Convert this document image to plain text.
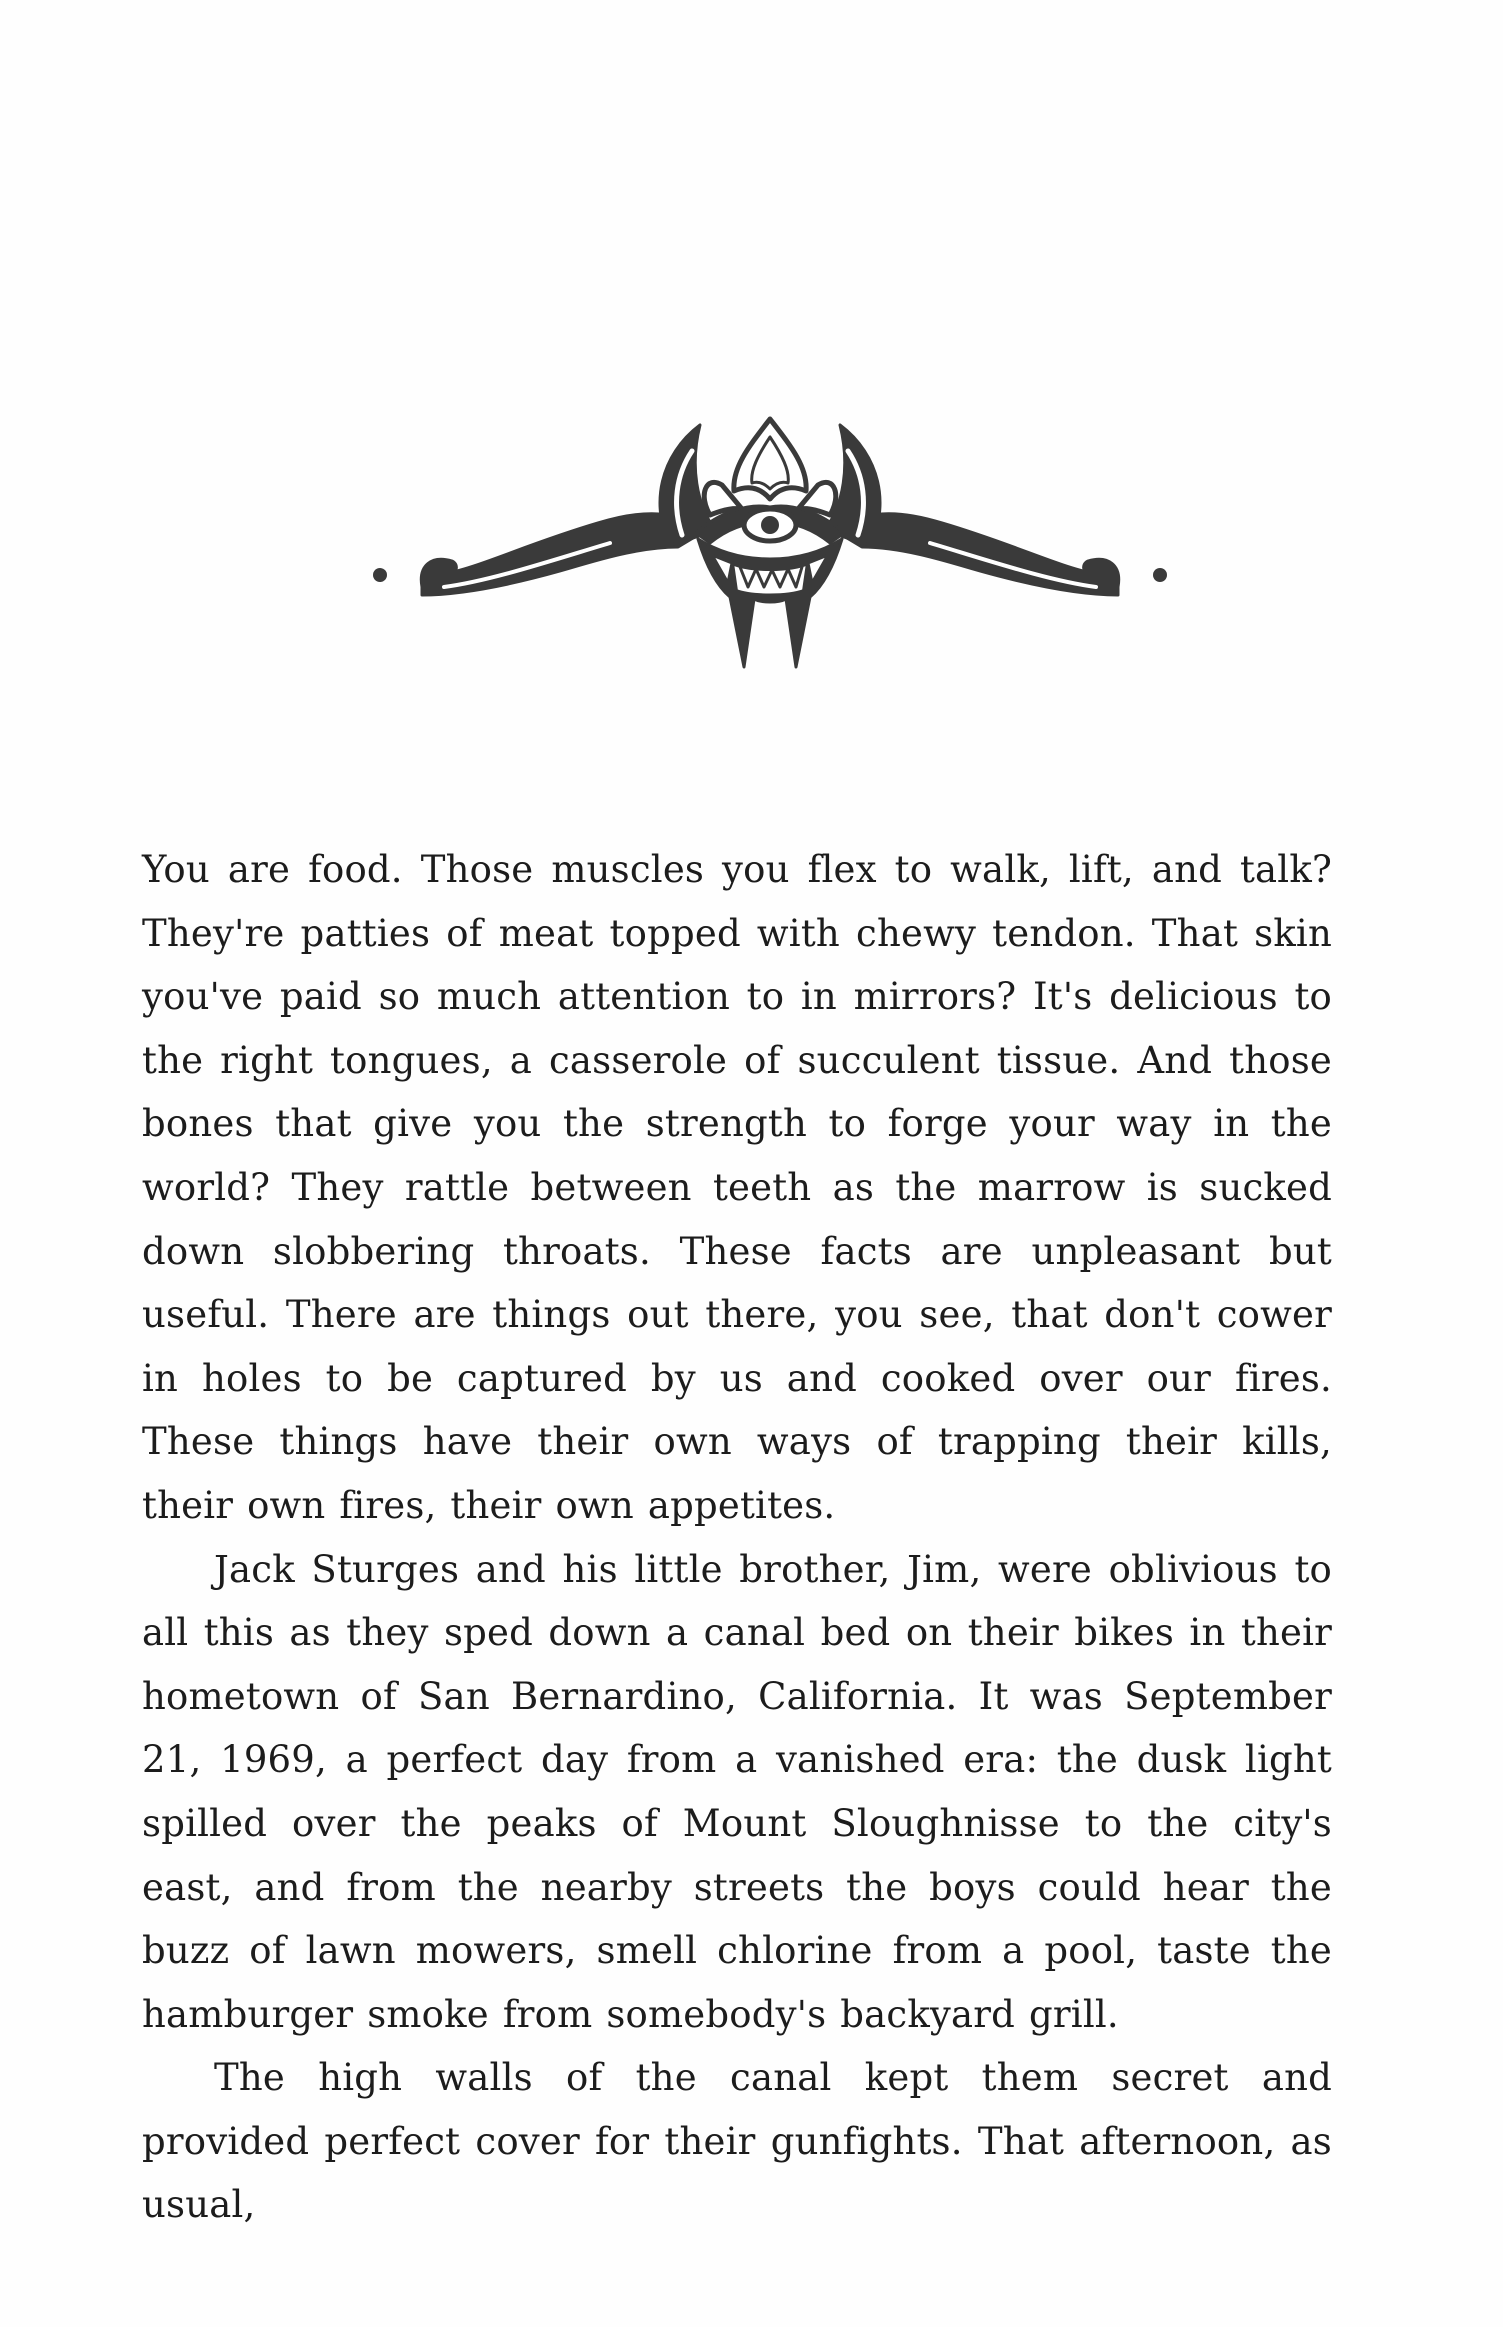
You are food. Those muscles you flex to walk, lift, and talk? They're patties of meat topped with chewy tendon. That skin you've paid so much attention to in mirrors? It's delicious to the right tongues, a casserole of succulent tissue. And those bones that give you the strength to forge your way in the world? They rattle between teeth as the marrow is sucked down slobbering throats. These facts are unpleasant but useful. There are things out there, you see, that don't cower in holes to be captured by us and cooked over our fires. These things have their own ways of trapping their kills, their own fires, their own appetites.

Jack Sturges and his little brother, Jim, were oblivious to all this as they sped down a canal bed on their bikes in their hometown of San Bernardino, California. It was September 21, 1969, a perfect day from a vanished era: the dusk light spilled over the peaks of Mount Sloughnisse to the city's east, and from the nearby streets the boys could hear the buzz of lawn mowers, smell chlorine from a pool, taste the hamburger smoke from somebody's backyard grill.

The high walls of the canal kept them secret and provided perfect cover for their gunfights. That afternoon, as usual,
